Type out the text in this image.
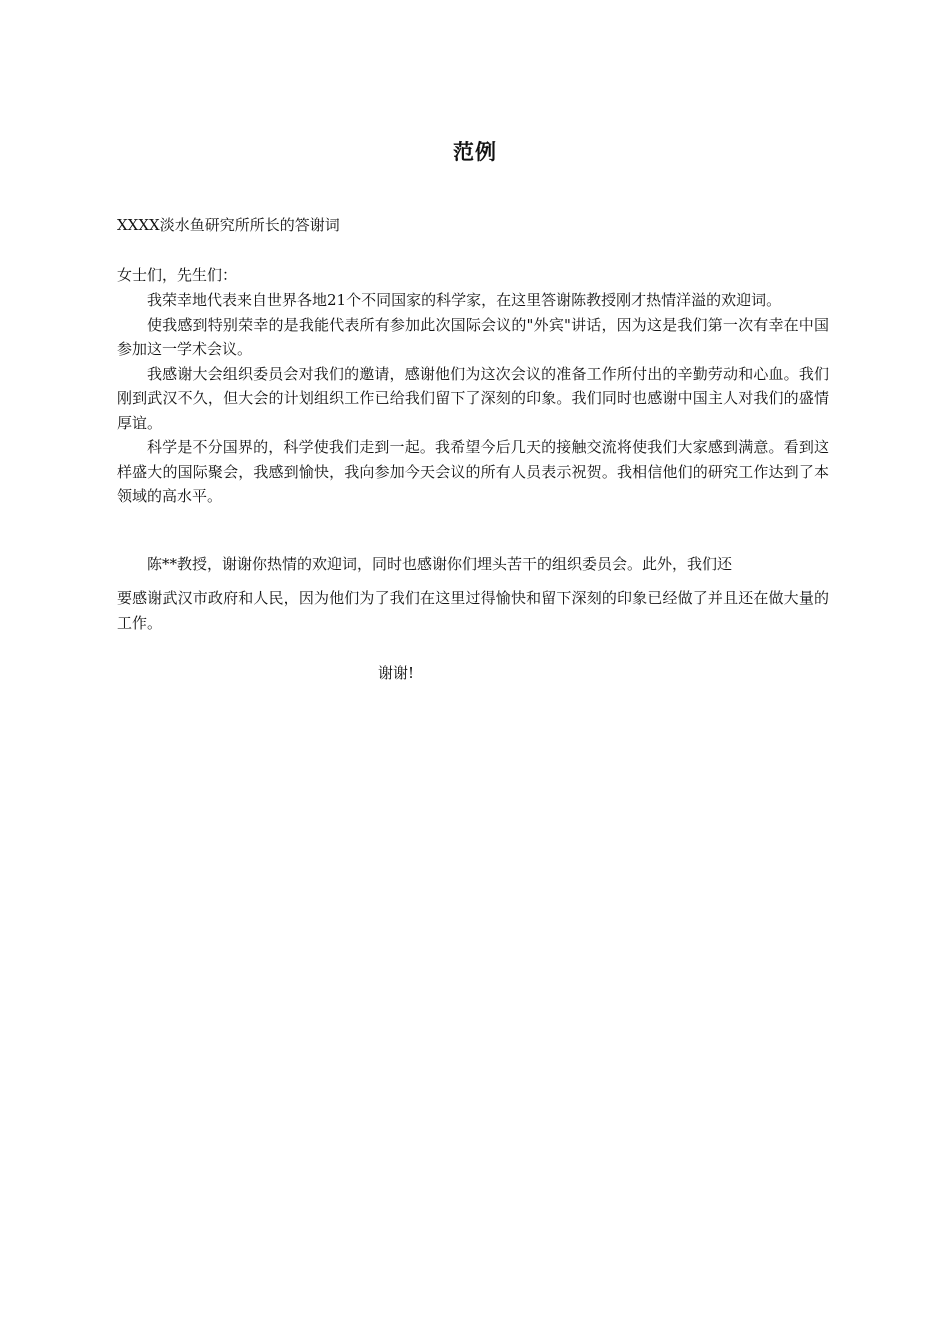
范例
XXXX淡水鱼研究所所长的答谢词
女士们，先生们：

我荣幸地代表来自世界各地21个不同国家的科学家，在这里答谢陈教授刚才热情洋溢的欢迎词。

使我感到特别荣幸的是我能代表所有参加此次国际会议的"外宾"讲话，因为这是我们第一次有幸在中国参加这一学术会议。

我感谢大会组织委员会对我们的邀请，感谢他们为这次会议的准备工作所付出的辛勤劳动和心血。我们刚到武汉不久，但大会的计划组织工作已给我们留下了深刻的印象。我们同时也感谢中国主人对我们的盛情厚谊。

科学是不分国界的，科学使我们走到一起。我希望今后几天的接触交流将使我们大家感到满意。看到这样盛大的国际聚会，我感到愉快，我向参加今天会议的所有人员表示祝贺。我相信他们的研究工作达到了本领域的高水平。

陈**教授，谢谢你热情的欢迎词，同时也感谢你们埋头苦干的组织委员会。此外，我们还

要感谢武汉市政府和人民，因为他们为了我们在这里过得愉快和留下深刻的印象已经做了并且还在做大量的工作。

谢谢!
